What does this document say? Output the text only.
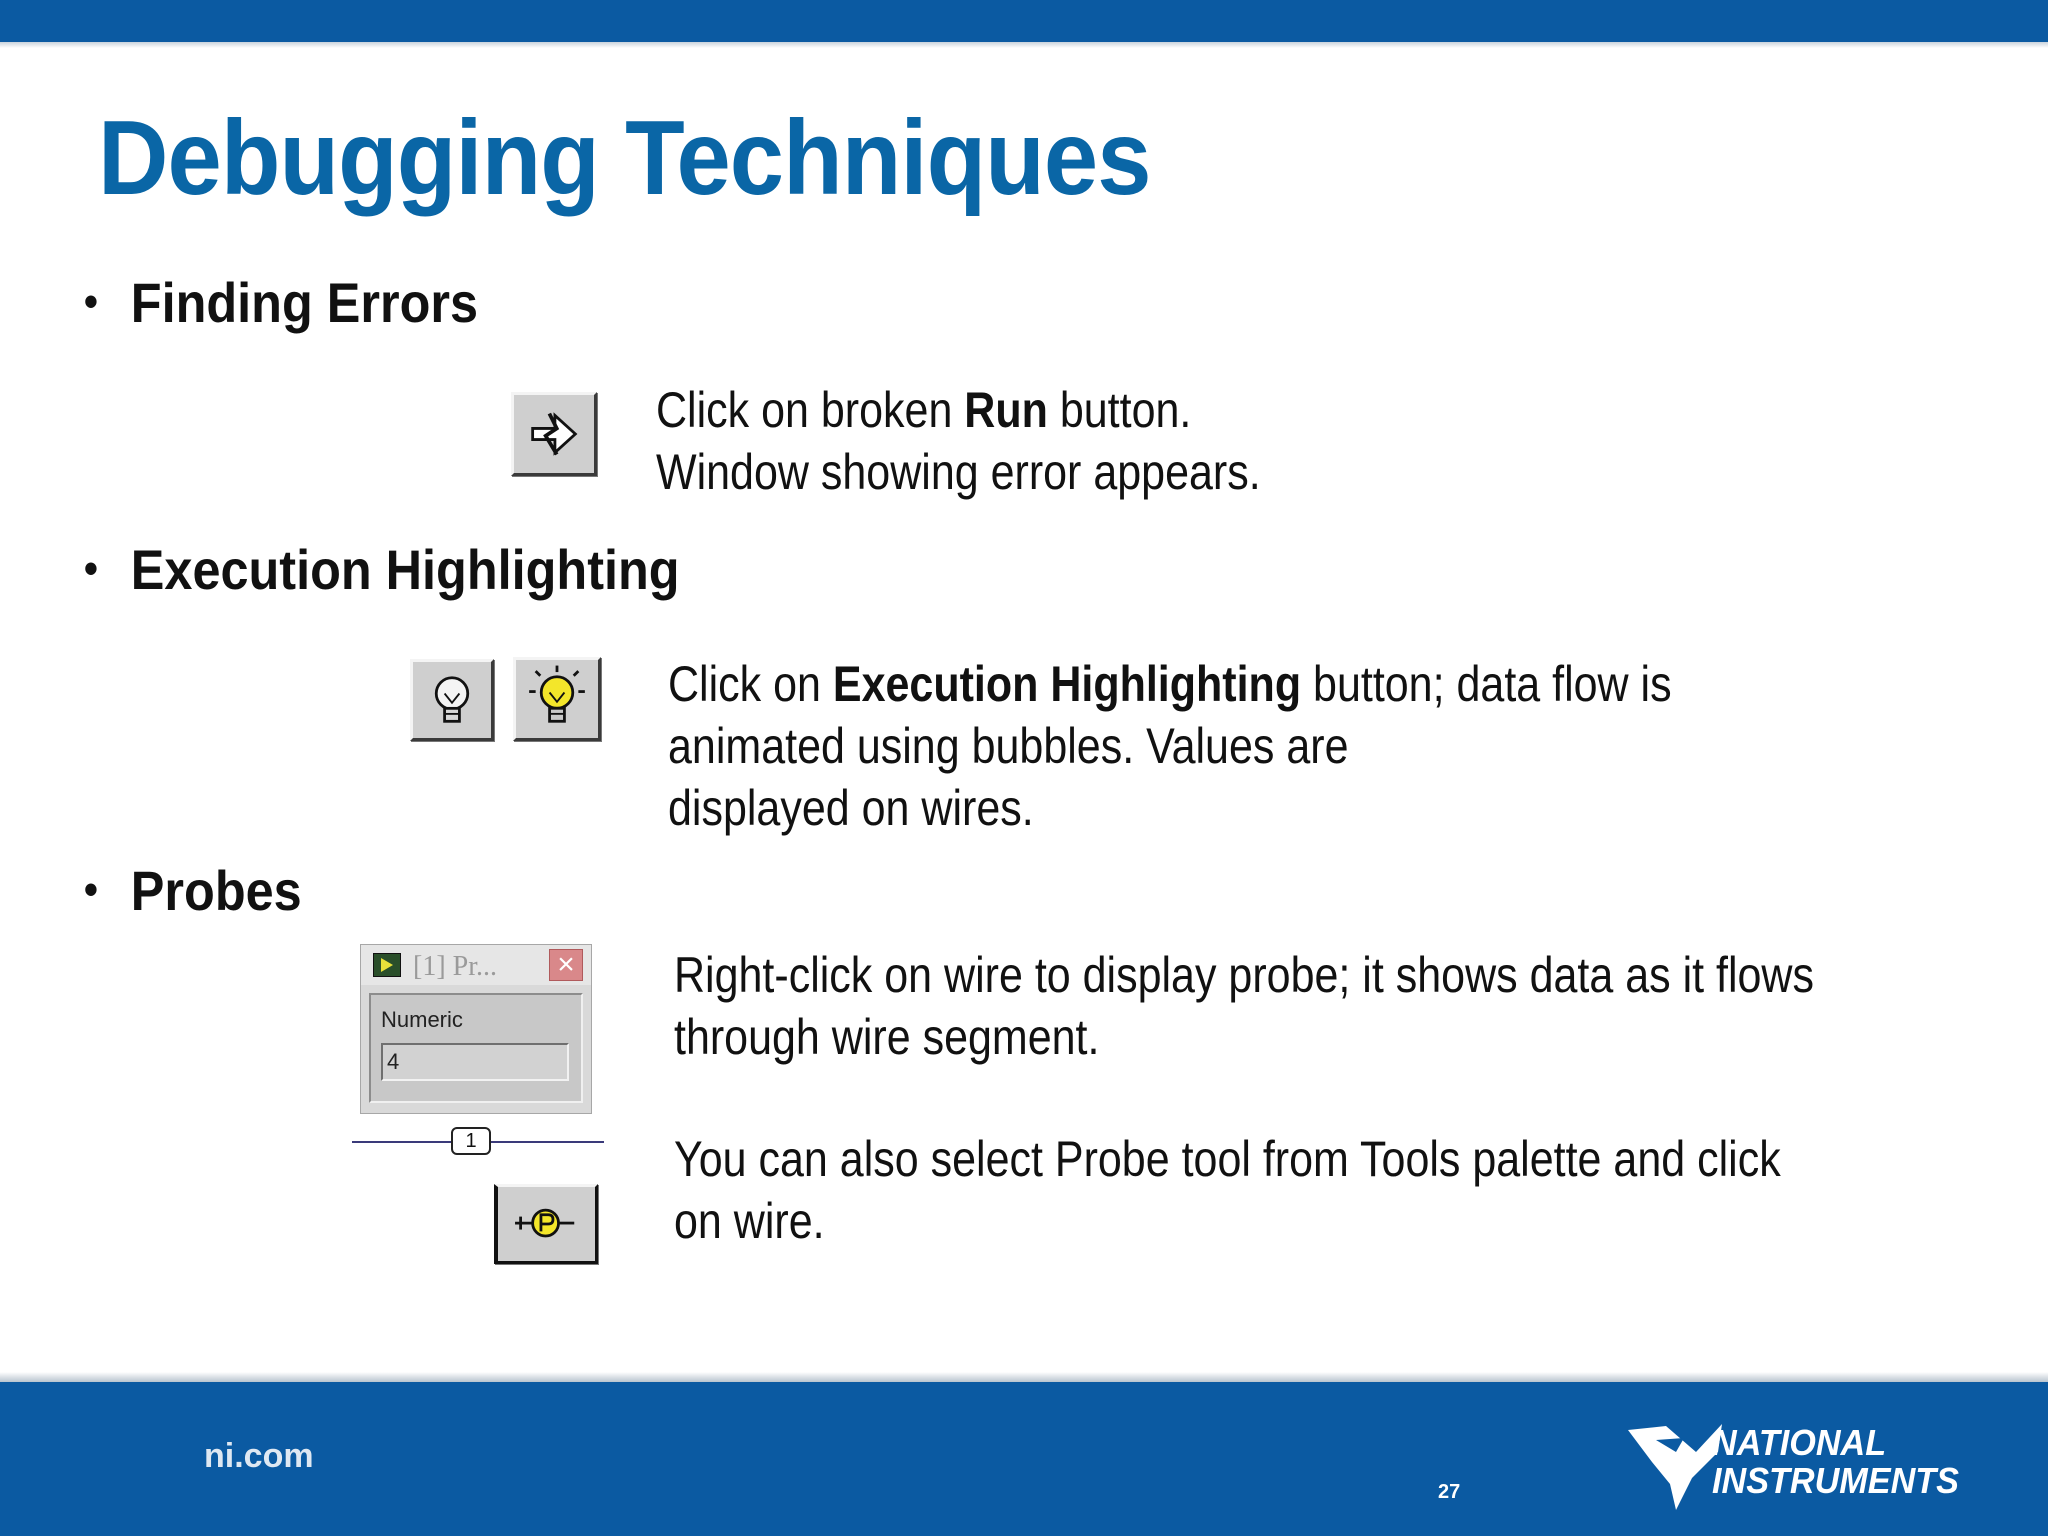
Debugging Techniques
• Finding Errors
Click on broken Run button.
Window showing error appears.
• Execution Highlighting
Click on Execution Highlighting button; data flow is
animated using bubbles. Values are
displayed on wires.
• Probes
[1] Pr... ×
Numeric
4
1
Right-click on wire to display probe; it shows data as it flows
through wire segment.
You can also select Probe tool from Tools palette and click
on wire.
ni.com
27
NATIONAL
INSTRUMENTS
